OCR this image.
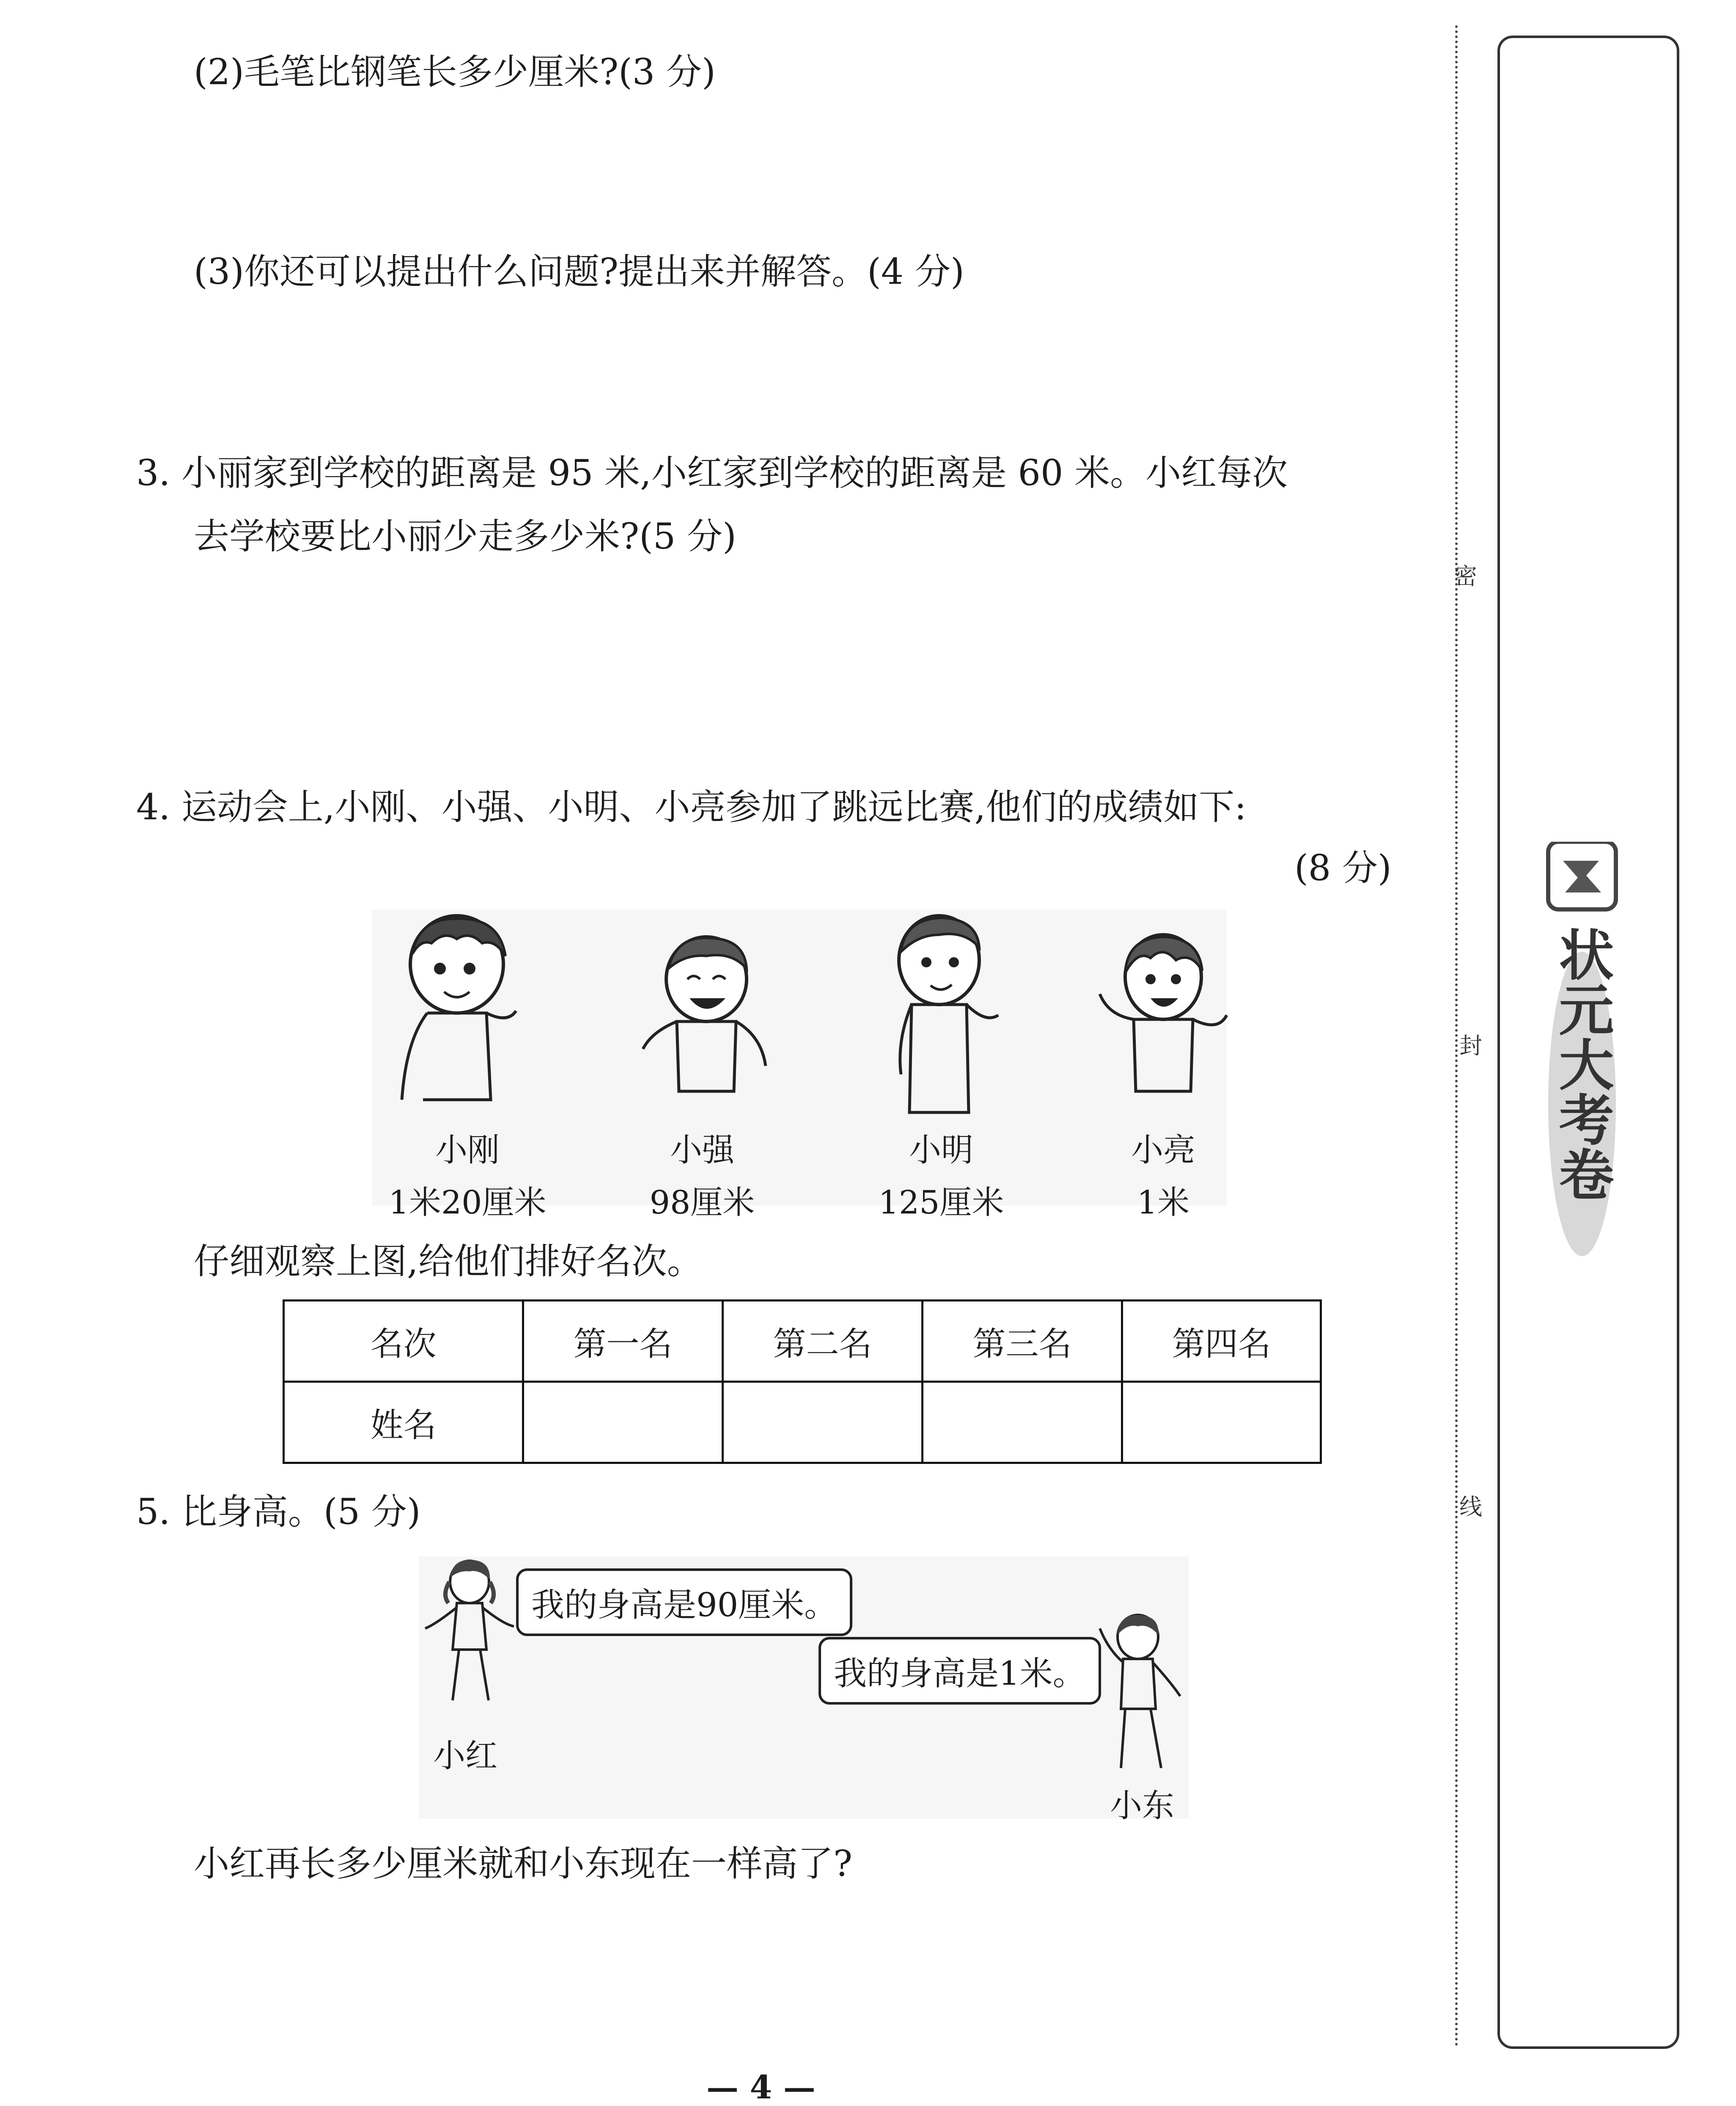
(2)毛笔比钢笔长多少厘米?(3 分)
(3)你还可以提出什么问题?提出来并解答。(4 分)
3. 小丽家到学校的距离是 95 米,小红家到学校的距离是 60 米。小红每次
去学校要比小丽少走多少米?(5 分)
4. 运动会上,小刚、小强、小明、小亮参加了跳远比赛,他们的成绩如下:
(8 分)
小刚
1米20厘米
小强
98厘米
小明
125厘米
小亮
1米
仔细观察上图,给他们排好名次。
名次	第一名	第二名	第三名	第四名
姓名				
5. 比身高。(5 分)
我的身高是90厘米。
小红
我的身高是1米。
小东
小红再长多少厘米就和小东现在一样高了?
密
封
线
状元大考卷
— 4 —
